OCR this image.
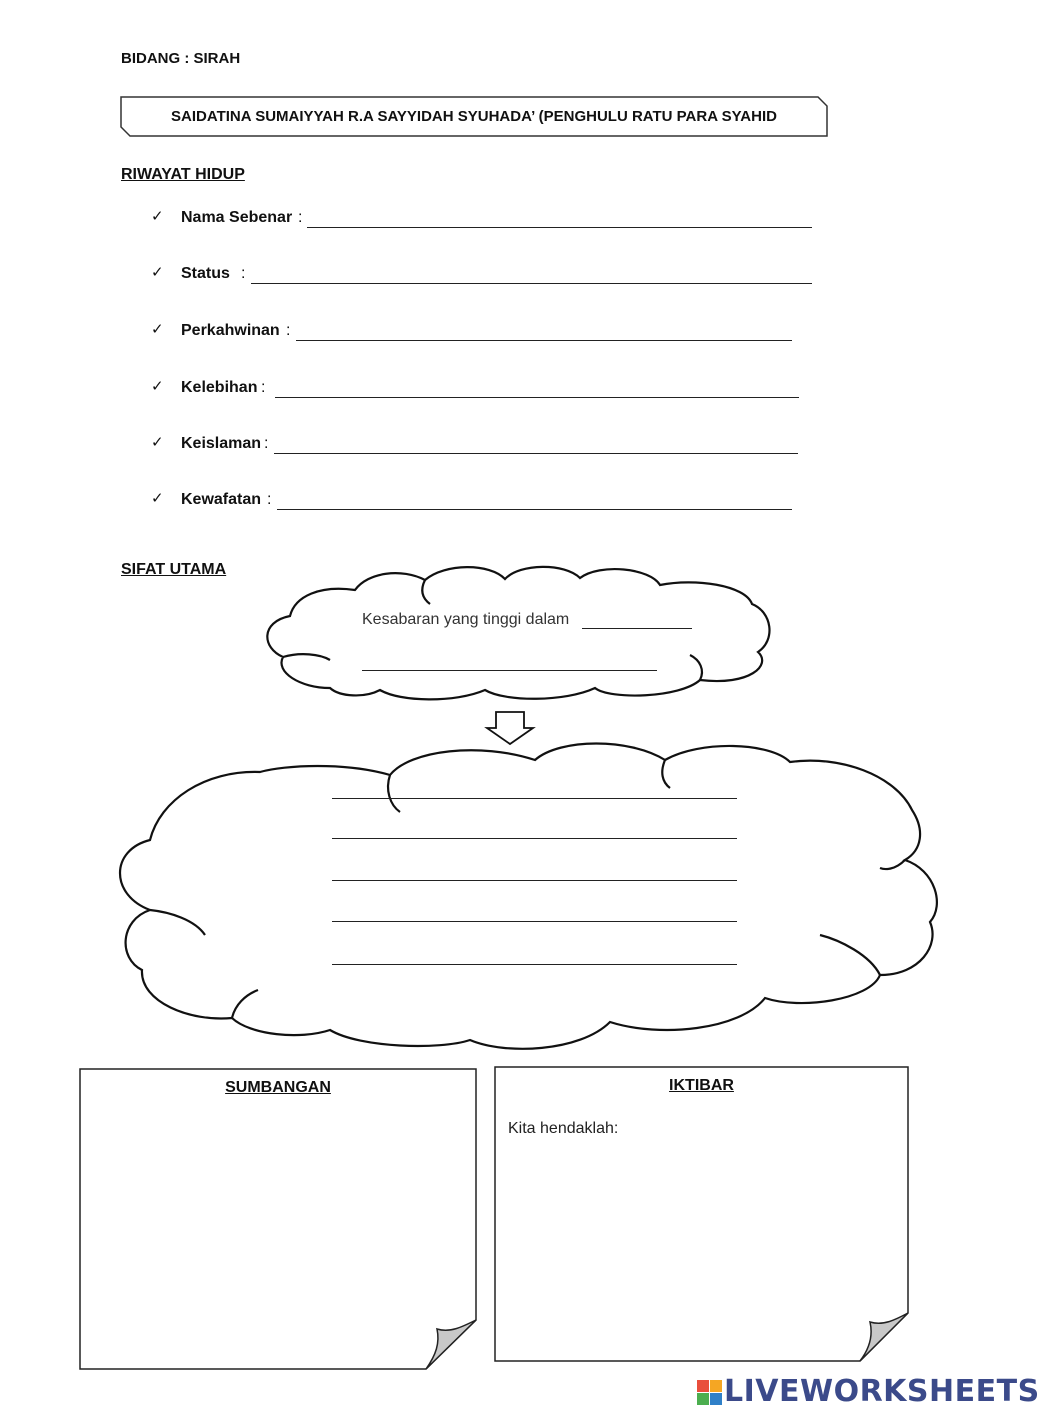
BIDANG : SIRAH
SAIDATINA SUMAIYYAH R.A SAYYIDAH SYUHADA’ (PENGHULU RATU PARA SYAHID
RIWAYAT HIDUP
✓ Nama Sebenar :
✓ Status :
✓ Perkahwinan :
✓ Kelebihan :
✓ Keislaman :
✓ Kewafatan :
SIFAT UTAMA
Kesabaran yang tinggi dalam
SUMBANGAN	IKTIBAR
Kita hendaklah:
LIVEWORKSHEETS
